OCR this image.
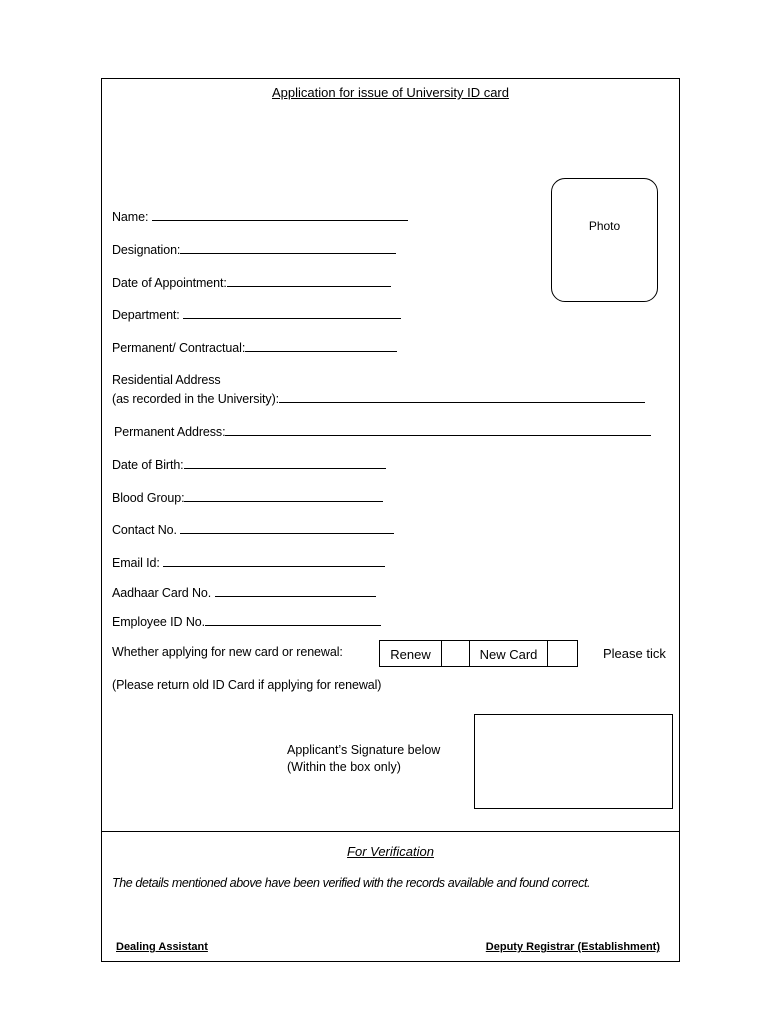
Application for issue of University ID card
Name:
Photo
Designation:
Date of Appointment:
Department:
Permanent/ Contractual:
Residential Address
(as recorded in the University):
Permanent Address:
Date of Birth:
Blood Group:
Contact No.
Email Id:
Aadhaar Card No.
Employee ID No.
Whether applying for new card or renewal:	Renew	New Card	Please tick
(Please return old ID Card if applying for renewal)
Applicant’s Signature below
(Within the box only)
For Verification
The details mentioned above have been verified with the records available and found correct.
Dealing Assistant	Deputy Registrar (Establishment)
